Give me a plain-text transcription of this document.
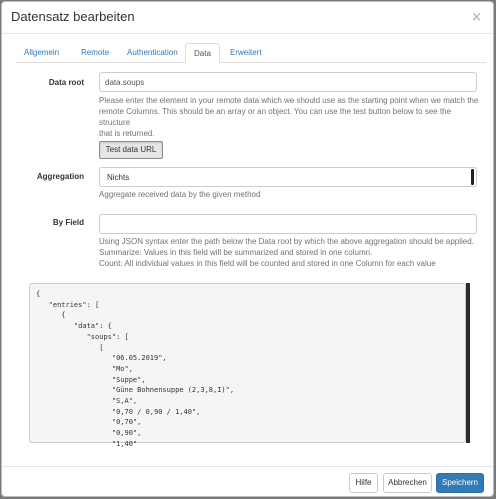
Datensatz bearbeiten	×
Allgemein	Remote	Authentication	Data	Erweitert
Data root
data.soups
Please enter the element in your remote data which we should use as the starting point when we match the
remote Columns. This should be an array or an object. You can use the test button below to see the structure
that is returned.
Test data URL
Aggregation	Nichts
Aggregate received data by the given method
By Field
Using JSON syntax enter the path below the Data root by which the above aggregation should be applied.
Summarize: Values in this field will be summarized and stored in one column.
Count: All individual values in this field will be counted and stored in one Column for each value
{
"entries": [
{
"data": {
"soups": [
[
"06.05.2019",
"Mo",
"Suppe",
"Güne Bohnensuppe (2,3,8,I)",
"S,A",
"0,70 / 0,90 / 1,40",
"0,70",
"0,90",
"1,40"
Hilfe	Abbrechen	Speichern
